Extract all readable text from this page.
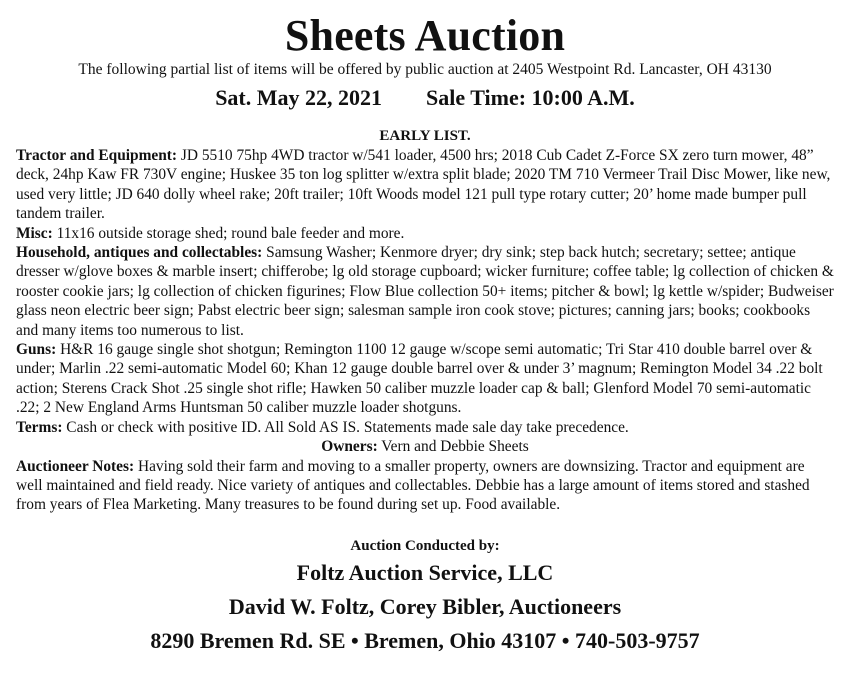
Sheets Auction
The following partial list of items will be offered by public auction at 2405 Westpoint Rd. Lancaster, OH 43130
Sat. May 22, 2021 Sale Time: 10:00 A.M.
EARLY LIST.

Tractor and Equipment: JD 5510 75hp 4WD tractor w/541 loader, 4500 hrs; 2018 Cub Cadet Z-Force SX zero turn mower, 48” deck, 24hp Kaw FR 730V engine; Huskee 35 ton log splitter w/extra split blade; 2020 TM 710 Vermeer Trail Disc Mower, like new, used very little; JD 640 dolly wheel rake; 20ft trailer; 10ft Woods model 121 pull type rotary cutter; 20’ home made bumper pull tandem trailer.

Misc: 11x16 outside storage shed; round bale feeder and more.

Household, antiques and collectables: Samsung Washer; Kenmore dryer; dry sink; step back hutch; secretary; settee; antique dresser w/glove boxes & marble insert; chifferobe; lg old storage cupboard; wicker furniture; coffee table; lg collection of chicken & rooster cookie jars; lg collection of chicken figurines; Flow Blue collection 50+ items; pitcher & bowl; lg kettle w/spider; Budweiser glass neon electric beer sign; Pabst electric beer sign; salesman sample iron cook stove; pictures; canning jars; books; cookbooks and many items too numerous to list.

Guns: H&R 16 gauge single shot shotgun; Remington 1100 12 gauge w/scope semi automatic; Tri Star 410 double barrel over & under; Marlin .22 semi-automatic Model 60; Khan 12 gauge double barrel over & under 3’ magnum; Remington Model 34 .22 bolt action; Sterens Crack Shot .25 single shot rifle; Hawken 50 caliber muzzle loader cap & ball; Glenford Model 70 semi-automatic .22; 2 New England Arms Huntsman 50 caliber muzzle loader shotguns.

Terms: Cash or check with positive ID. All Sold AS IS. Statements made sale day take precedence.

Owners: Vern and Debbie Sheets

Auctioneer Notes: Having sold their farm and moving to a smaller property, owners are downsizing. Tractor and equipment are well maintained and field ready. Nice variety of antiques and collectables. Debbie has a large amount of items stored and stashed from years of Flea Marketing. Many treasures to be found during set up. Food available.

Auction Conducted by:
Foltz Auction Service, LLC
David W. Foltz, Corey Bibler, Auctioneers
8290 Bremen Rd. SE • Bremen, Ohio 43107 • 740-503-9757
